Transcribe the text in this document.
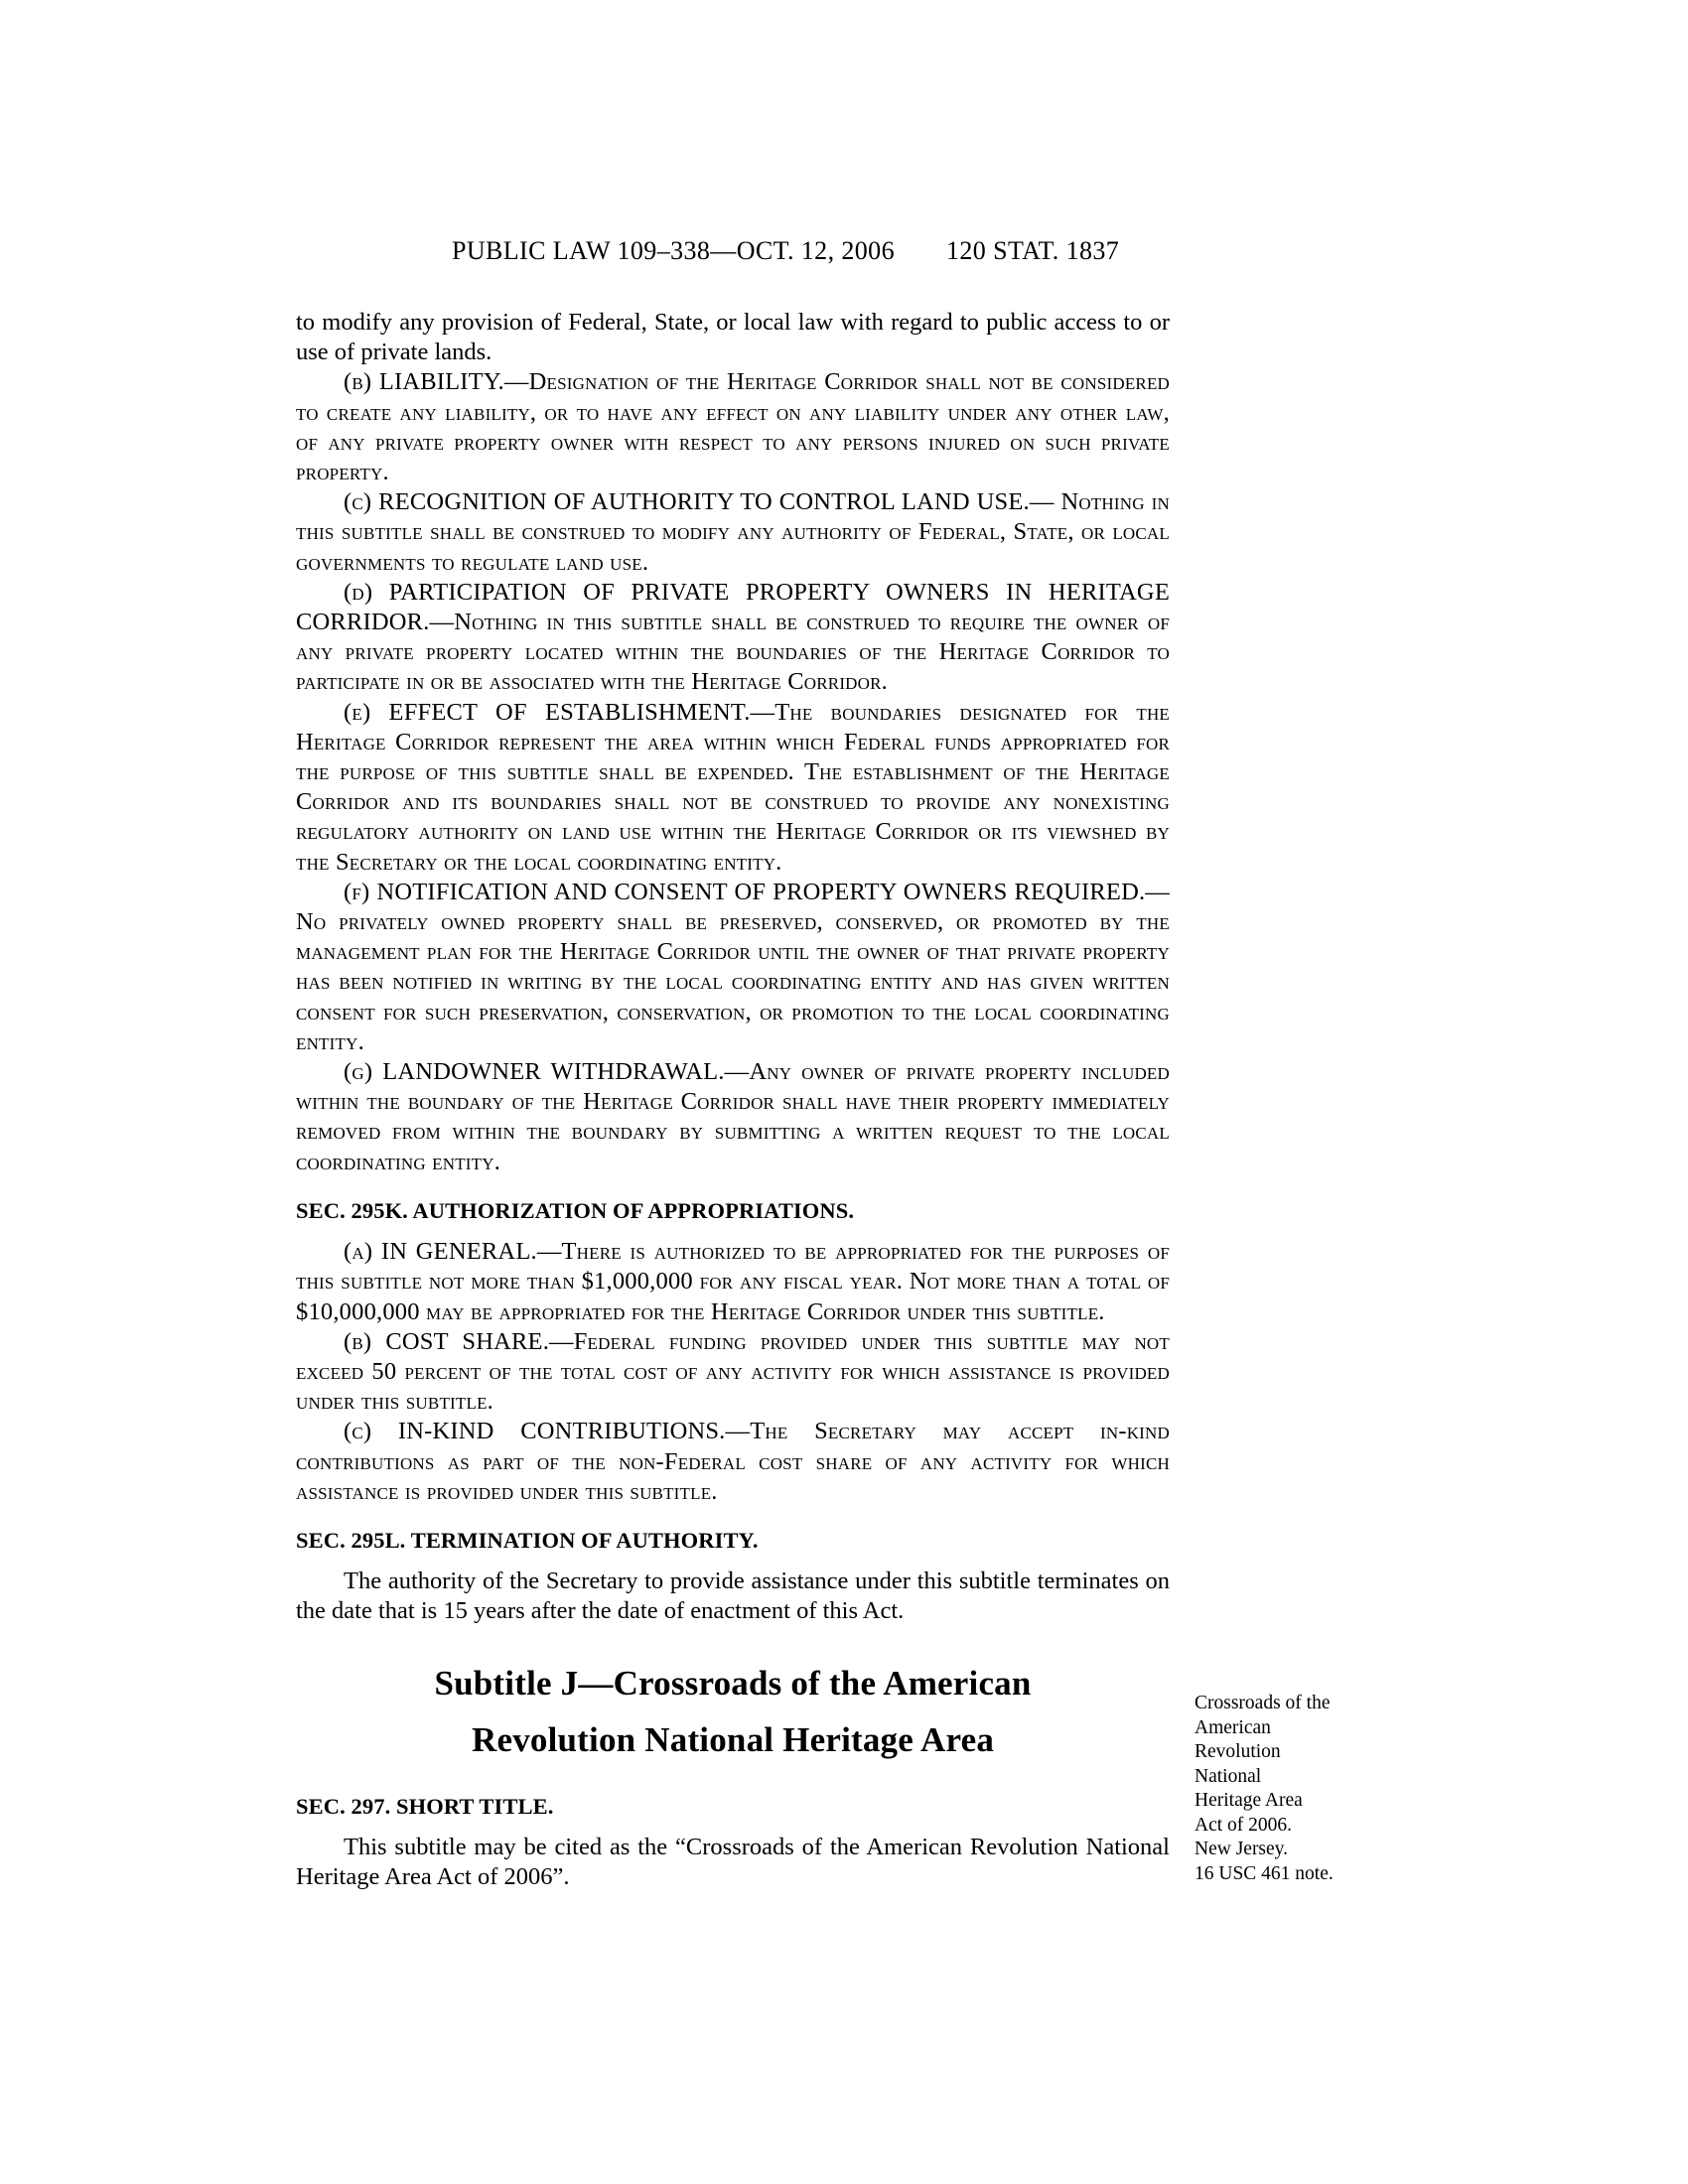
PUBLIC LAW 109–338—OCT. 12, 2006 120 STAT. 1837

to modify any provision of Federal, State, or local law with regard to public access to or use of private lands.

(b) LIABILITY.—Designation of the Heritage Corridor shall not be considered to create any liability, or to have any effect on any liability under any other law, of any private property owner with respect to any persons injured on such private property.

(c) RECOGNITION OF AUTHORITY TO CONTROL LAND USE.— Nothing in this subtitle shall be construed to modify any authority of Federal, State, or local governments to regulate land use.

(d) PARTICIPATION OF PRIVATE PROPERTY OWNERS IN HERITAGE CORRIDOR.—Nothing in this subtitle shall be construed to require the owner of any private property located within the boundaries of the Heritage Corridor to participate in or be associated with the Heritage Corridor.

(e) EFFECT OF ESTABLISHMENT.—The boundaries designated for the Heritage Corridor represent the area within which Federal funds appropriated for the purpose of this subtitle shall be expended. The establishment of the Heritage Corridor and its boundaries shall not be construed to provide any nonexisting regulatory authority on land use within the Heritage Corridor or its viewshed by the Secretary or the local coordinating entity.

(f) NOTIFICATION AND CONSENT OF PROPERTY OWNERS REQUIRED.—No privately owned property shall be preserved, conserved, or promoted by the management plan for the Heritage Corridor until the owner of that private property has been notified in writing by the local coordinating entity and has given written consent for such preservation, conservation, or promotion to the local coordinating entity.

(g) LANDOWNER WITHDRAWAL.—Any owner of private property included within the boundary of the Heritage Corridor shall have their property immediately removed from within the boundary by submitting a written request to the local coordinating entity.

SEC. 295K. AUTHORIZATION OF APPROPRIATIONS.

(a) IN GENERAL.—There is authorized to be appropriated for the purposes of this subtitle not more than $1,000,000 for any fiscal year. Not more than a total of $10,000,000 may be appropriated for the Heritage Corridor under this subtitle.

(b) COST SHARE.—Federal funding provided under this subtitle may not exceed 50 percent of the total cost of any activity for which assistance is provided under this subtitle.

(c) IN-KIND CONTRIBUTIONS.—The Secretary may accept in-kind contributions as part of the non-Federal cost share of any activity for which assistance is provided under this subtitle.

SEC. 295L. TERMINATION OF AUTHORITY.

The authority of the Secretary to provide assistance under this subtitle terminates on the date that is 15 years after the date of enactment of this Act.

Subtitle J—Crossroads of the American

Revolution National Heritage Area

SEC. 297. SHORT TITLE.

This subtitle may be cited as the “Crossroads of the American Revolution National Heritage Area Act of 2006”.

Crossroads of the
American
Revolution
National
Heritage Area
Act of 2006.
New Jersey.
16 USC 461 note.
